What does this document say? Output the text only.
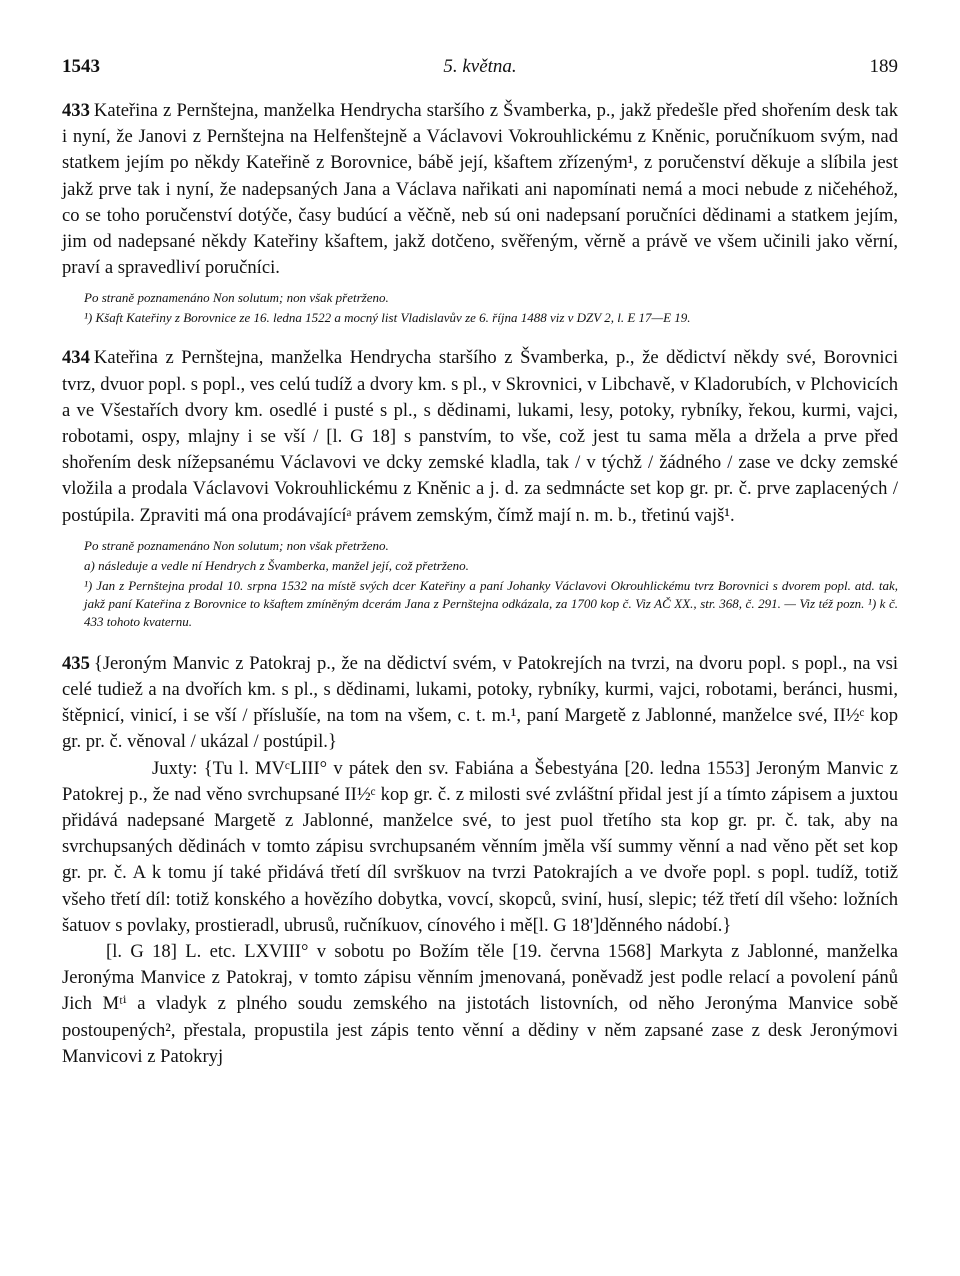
1543	5. května.	189

433 Kateřina z Pernštejna, manželka Hendrycha staršího z Švamberka, p., jakž předešle před shořením desk tak i nyní, že Janovi z Pernštejna na Helfenštejně a Václavovi Vokrouhlickému z Kněnic, poručníkuom svým, nad statkem jejím po někdy Kateřině z Borovnice, bábě její, kšaftem zřízeným¹, z poručenství děkuje a slíbila jest jakž prve tak i nyní, že nadepsaných Jana a Václava nařikati ani napomínati nemá a moci nebude z ničehéhož, co se toho poručenství dotýče, časy budúcí a věčně, neb sú oni nadepsaní poručníci dědinami a statkem jejím, jim od nadepsané někdy Kateřiny kšaftem, jakž dotčeno, svěřeným, věrně a právě ve všem učinili jako věrní, praví a spravedliví poručníci.

Po straně poznamenáno Non solutum; non však přetrženo.

¹) Kšaft Kateřiny z Borovnice ze 16. ledna 1522 a mocný list Vladislavův ze 6. října 1488 viz v DZV 2, l. E 17—E 19.

434 Kateřina z Pernštejna, manželka Hendrycha staršího z Švamberka, p., že dědictví někdy své, Borovnici tvrz, dvuor popl. s popl., ves celú tudíž a dvory km. s pl., v Skrovnici, v Libchavě, v Kladorubích, v Plchovicích a ve Všestařích dvory km. osedlé i pusté s pl., s dědinami, lukami, lesy, potoky, rybníky, řekou, kurmi, vajci, robotami, ospy, mlajny i se vší / [l. G 18] s panstvím, to vše, což jest tu sama měla a držela a prve před shořením desk nížepsanému Václavovi ve dcky zemské kladla, tak / v týchž / žádného / zase ve dcky zemské vložila a prodala Václavovi Vokrouhlickému z Kněnic a j. d. za sedmnácte set kop gr. pr. č. prve zaplacených / postúpila. Zpraviti má ona prodávajícíᵃ právem zemským, čímž mají n. m. b., třetinú vajš¹.

Po straně poznamenáno Non solutum; non však přetrženo.

a) následuje a vedle ní Hendrych z Švamberka, manžel její, což přetrženo.

¹) Jan z Pernštejna prodal 10. srpna 1532 na místě svých dcer Kateřiny a paní Johanky Václavovi Okrouhlickému tvrz Borovnici s dvorem popl. atd. tak, jakž paní Kateřina z Borovnice to kšaftem zmíněným dcerám Jana z Pernštejna odkázala, za 1700 kop č. Viz AČ XX., str. 368, č. 291. — Viz též pozn. ¹) k č. 433 tohoto kvaternu.

435 {Jeroným Manvic z Patokraj p., že na dědictví svém, v Patokrejích na tvrzi, na dvoru popl. s popl., na vsi celé tudiež a na dvořích km. s pl., s dědinami, lukami, potoky, rybníky, kurmi, vajci, robotami, beránci, husmi, štěpnicí, vinicí, i se vší / příslušíe, na tom na všem, c. t. m.¹, paní Margetě z Jablonné, manželce své, II½ᶜ kop gr. pr. č. věnoval / ukázal / postúpil.}

Juxty: {Tu l. MVᶜLIII° v pátek den sv. Fabiána a Šebestyána [20. ledna 1553] Jeroným Manvic z Patokrej p., že nad věno svrchupsané II½ᶜ kop gr. č. z milosti své zvláštní přidal jest jí a tímto zápisem a juxtou přidává nadepsané Margetě z Jablonné, manželce své, to jest puol třetího sta kop gr. pr. č. tak, aby na svrchupsaných dědinách v tomto zápisu svrchupsaném věnním jměla vší summy věnní a nad věno pět set kop gr. pr. č. A k tomu jí také přidává třetí díl svrškuov na tvrzi Patokrajích a ve dvoře popl. s popl. tudíž, totiž všeho třetí díl: totiž konského a hovězího dobytka, vovcí, skopců, sviní, husí, slepic; též třetí díl všeho: ložních šatuov s povlaky, prostieradl, ubrusů, ručníkuov, cínového i mě[l. G 18']děnného nádobí.}

[l. G 18] L. etc. LXVIII° v sobotu po Božím těle [19. června 1568] Markyta z Jablonné, manželka Jeronýma Manvice z Patokraj, v tomto zápisu věnním jmenovaná, poněvadž jest podle relací a povolení pánů Jich Mᵗⁱ a vladyk z plného soudu zemského na jistotách listovních, od něho Jeronýma Manvice sobě postoupených², přestala, propustila jest zápis tento věnní a dědiny v něm zapsané zase z desk Jeronýmovi Manvicovi z Patokryj
